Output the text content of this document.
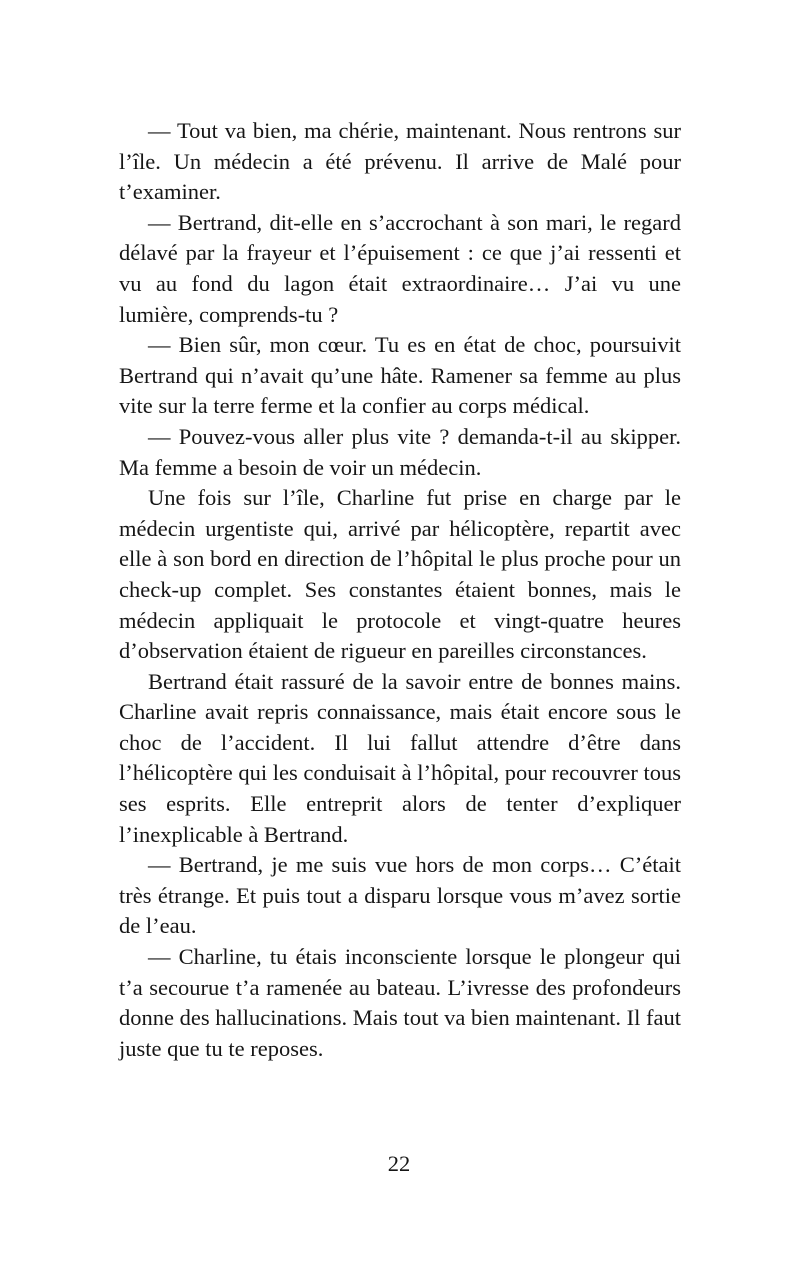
— Tout va bien, ma chérie, maintenant. Nous rentrons sur l’île. Un médecin a été prévenu. Il arrive de Malé pour t’examiner.

— Bertrand, dit-elle en s’accrochant à son mari, le regard délavé par la frayeur et l’épuisement : ce que j’ai ressenti et vu au fond du lagon était extraordinaire… J’ai vu une lumière, comprends-tu ?

— Bien sûr, mon cœur. Tu es en état de choc, poursuivit Bertrand qui n’avait qu’une hâte. Ramener sa femme au plus vite sur la terre ferme et la confier au corps médical.

— Pouvez-vous aller plus vite ? demanda-t-il au skipper. Ma femme a besoin de voir un médecin.

Une fois sur l’île, Charline fut prise en charge par le médecin urgentiste qui, arrivé par hélicoptère, repartit avec elle à son bord en direction de l’hôpital le plus proche pour un check-up complet. Ses constantes étaient bonnes, mais le médecin appliquait le protocole et vingt-quatre heures d’observation étaient de rigueur en pareilles circonstances.

Bertrand était rassuré de la savoir entre de bonnes mains. Charline avait repris connaissance, mais était encore sous le choc de l’accident. Il lui fallut attendre d’être dans l’hélicoptère qui les conduisait à l’hôpital, pour recouvrer tous ses esprits. Elle entreprit alors de tenter d’expliquer l’inexplicable à Bertrand.

— Bertrand, je me suis vue hors de mon corps… C’était très étrange. Et puis tout a disparu lorsque vous m’avez sortie de l’eau.

— Charline, tu étais inconsciente lorsque le plongeur qui t’a secourue t’a ramenée au bateau. L’ivresse des profondeurs donne des hallucinations. Mais tout va bien maintenant. Il faut juste que tu te reposes.

22
